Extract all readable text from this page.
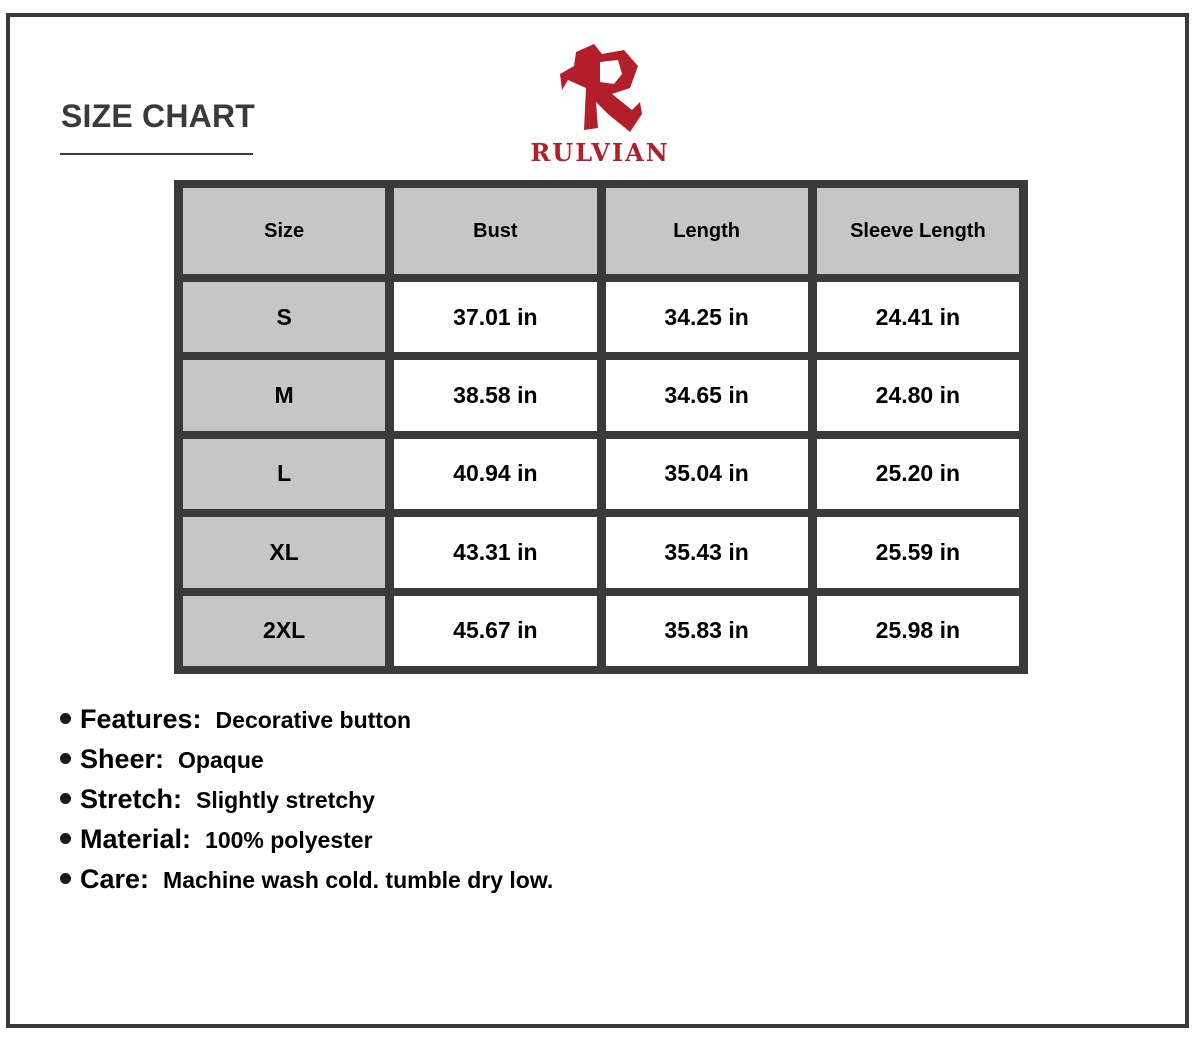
SIZE CHART
RULVIAN
Size	Bust	Length	Sleeve Length
S	37.01 in	34.25 in	24.41 in
M	38.58 in	34.65 in	24.80 in
L	40.94 in	35.04 in	25.20 in
XL	43.31 in	35.43 in	25.59 in
2XL	45.67 in	35.83 in	25.98 in
Features: Decorative button
Sheer: Opaque
Stretch: Slightly stretchy
Material: 100% polyester
Care: Machine wash cold. tumble dry low.
